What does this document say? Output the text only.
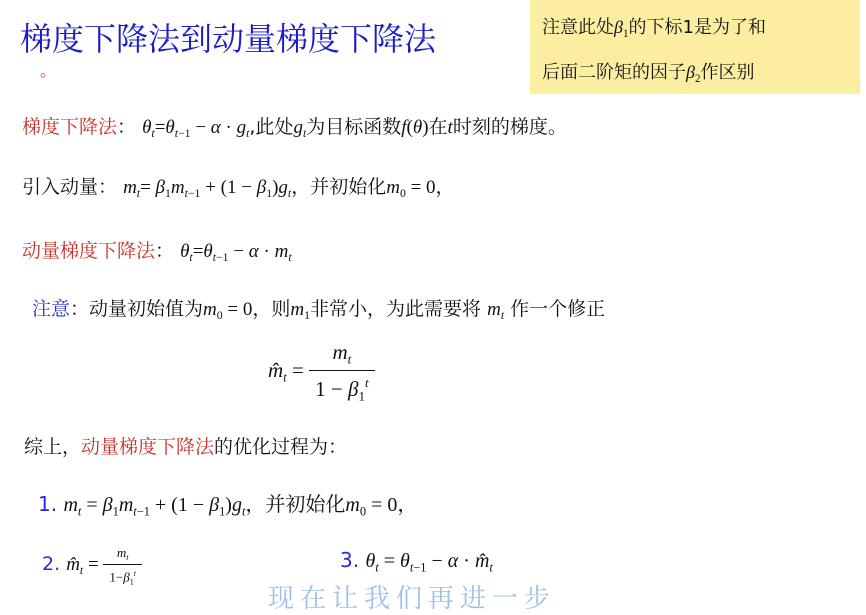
梯度下降法到动量梯度下降法
。
注意此处$\beta_1$的下标1是为了和
后面二阶矩的因子$\beta_2$作区别
梯度下降法： $\theta_t=\theta_{t-1} - \alpha \cdot g_t$,此处$g_t$为目标函数f(θ)在t时刻的梯度。
引入动量： $m_t= \beta_1m_{t-1} + (1 - \beta_1)g_t$，并初始化$m_0 = 0$，
动量梯度下降法： $\theta_t=\theta_{t-1} - \alpha \cdot m_t$
注意：动量初始值为$m_0 = 0$，则$m_1$非常小，为此需要将 $m_t$ 作一个修正
$m̂_t = \frac{m_t}{1 - \beta_1^t}$
综上，动量梯度下降法的优化过程为：
1. $m_t = \beta_1m_{t-1} + (1 - \beta_1)g_t$，并初始化$m_0 = 0$，
2. $m̂_t = \frac{m_t}{1-\beta_1^t}$	3. $\theta_t = \theta_{t-1} - \alpha$ · $m̂_t$
现在让我们再进一步
